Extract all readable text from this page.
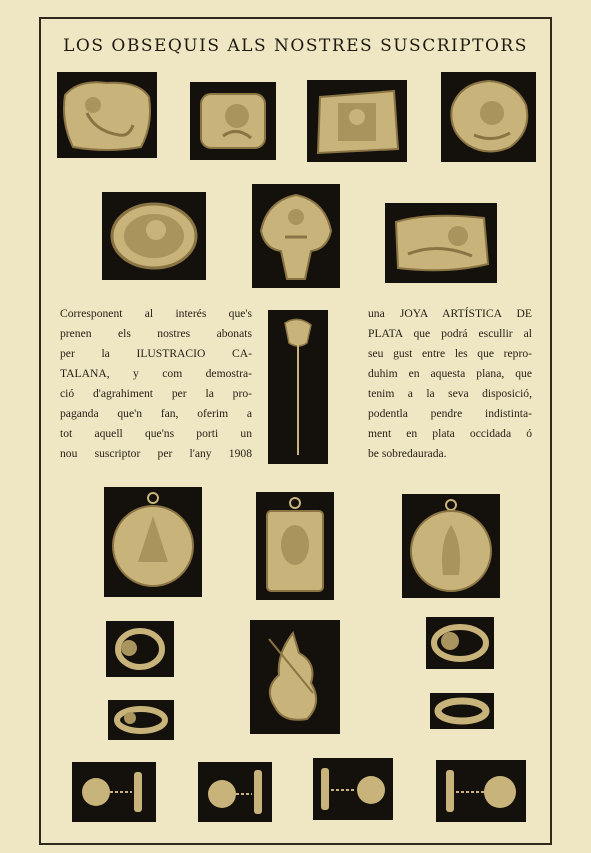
LOS OBSEQUIS ALS NOSTRES SUSCRIPTORS
Corresponent al interés que's
prenen els nostres abonats
per la ILUSTRACIO CA-
TALANA, y com demostra-
ció d'agrahiment per la pro-
paganda que'n fan, oferim a
tot aquell que'ns porti un
nou suscriptor per l'any 1908
una JOYA ARTÍSTICA DE
PLATA que podrá escullir al
seu gust entre les que repro-
duhim en aquesta plana, que
tenim a la seva disposició,
podentla pendre indistinta-
ment en plata occidada ó
be sobredaurada.
